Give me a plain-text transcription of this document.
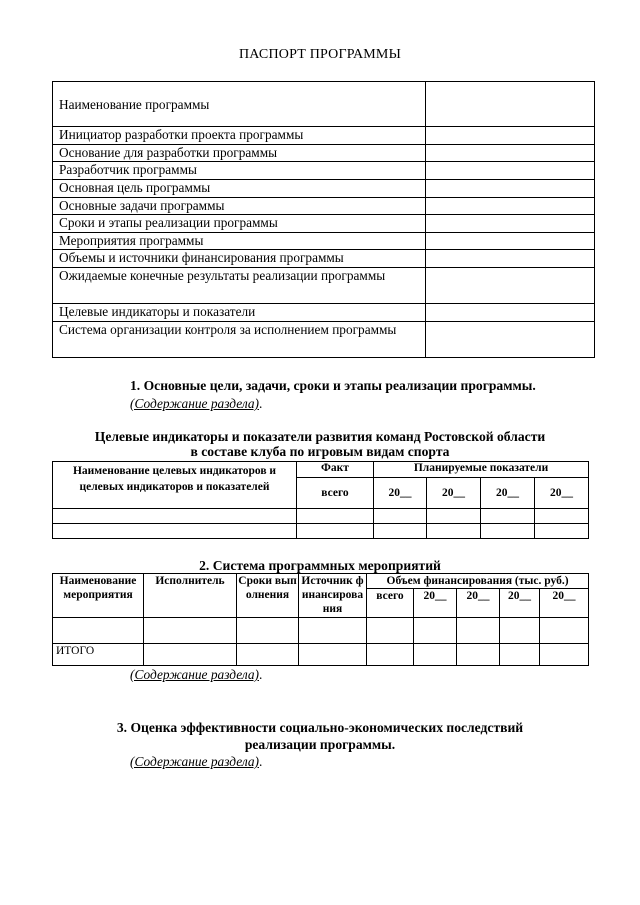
ПАСПОРТ ПРОГРАММЫ
Наименование программы	
Инициатор разработки проекта программы	
Основание для разработки программы	
Разработчик программы	
Основная цель программы	
Основные задачи программы	
Сроки и этапы реализации программы	
Мероприятия программы	
Объемы и источники финансирования программы	
Ожидаемые конечные результаты реализации программы	
Целевые индикаторы и показатели	
Система организации контроля за исполнением программы	
1. Основные цели, задачи, сроки и этапы реализации программы.
(Содержание раздела).
Целевые индикаторы и показатели развития команд Ростовской области
в составе клуба по игровым видам спорта
Наименование целевых индикаторов и целевых индикаторов и показателей	Факт	Планируемые показатели			
	всего	20__	20__	20__	20__

2. Система программных мероприятий
Наименование мероприятия	Исполнитель	Сроки выполнения	Источник финансирования	Объем финансирования (тыс. руб.)				
				всего	20__	20__	20__	20__

ИТОГО								
(Содержание раздела).
3. Оценка эффективности социально-экономических последствий
реализации программы.
(Содержание раздела).
